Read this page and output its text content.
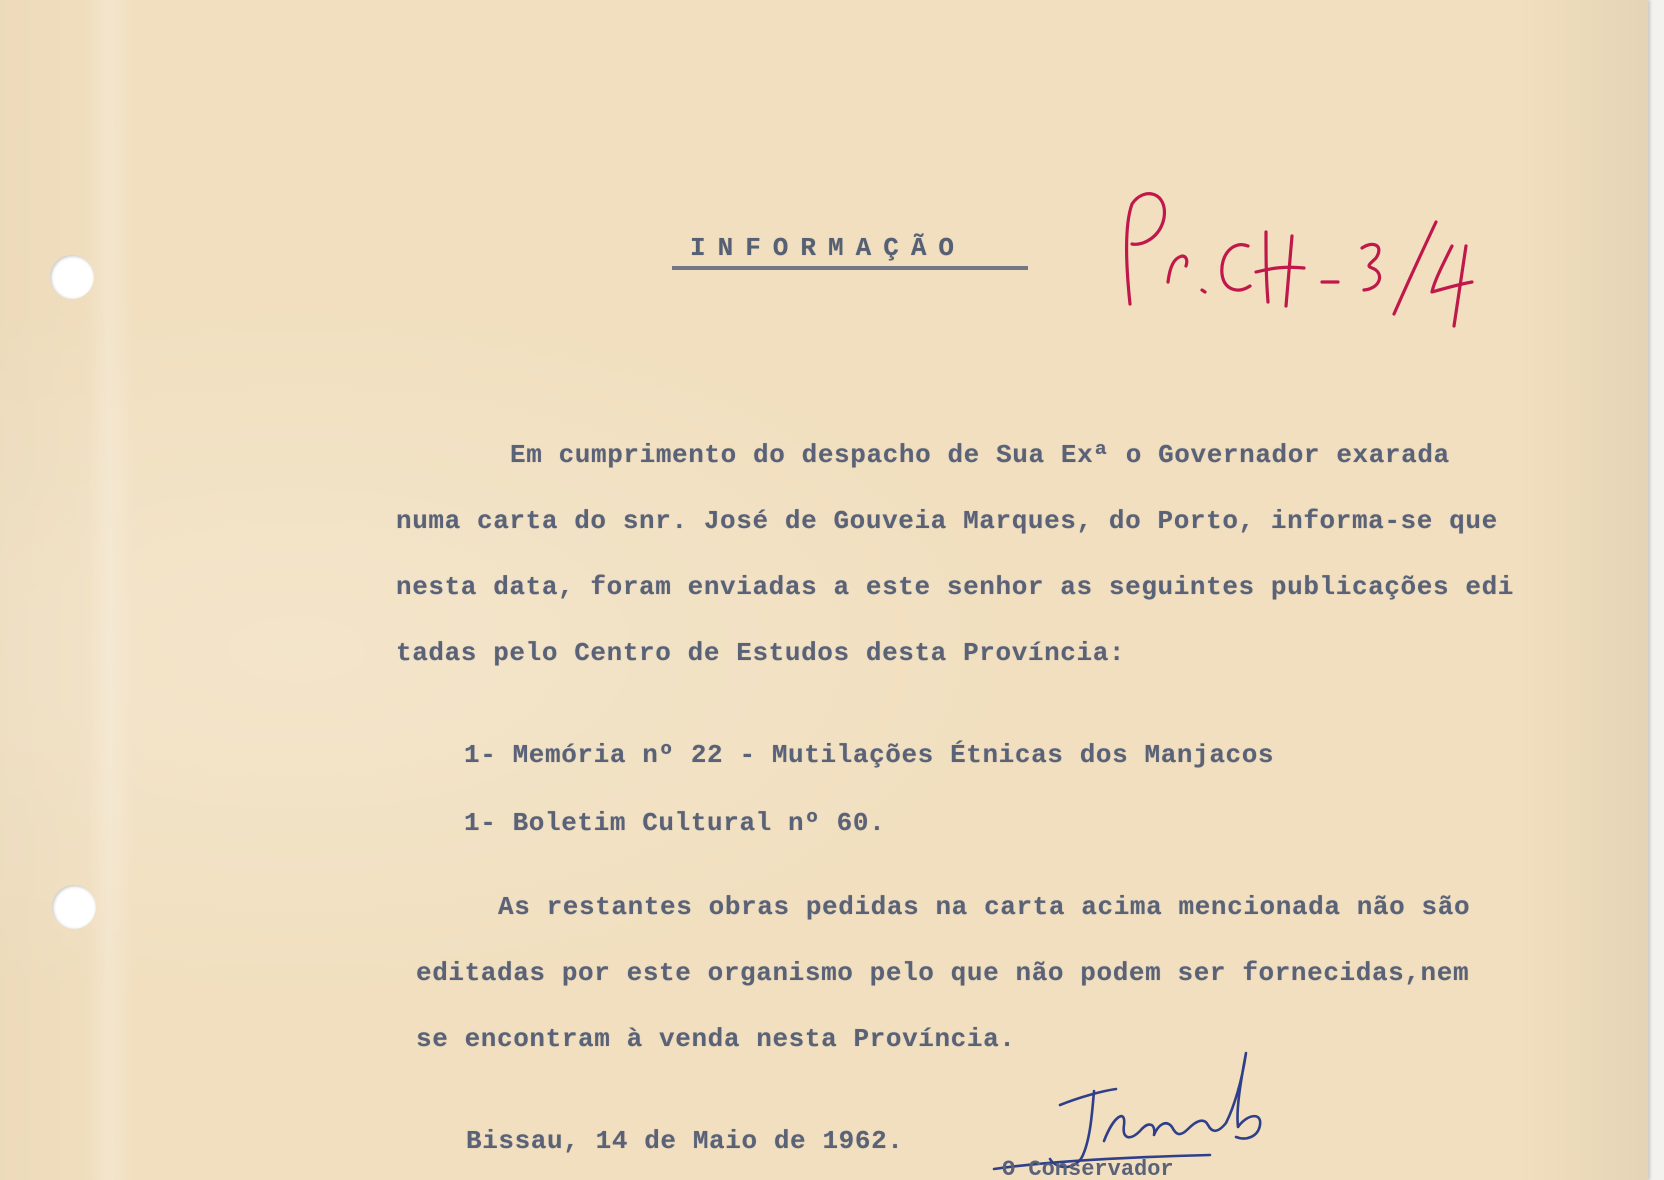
INFORMAÇÃO
Em cumprimento do despacho de Sua Exª o Governador exarada
numa carta do snr. José de Gouveia Marques, do Porto, informa-se que
nesta data, foram enviadas a este senhor as seguintes publicações edi
tadas pelo Centro de Estudos desta Província:
1- Memória nº 22 - Mutilações Étnicas dos Manjacos
1- Boletim Cultural nº 60.
As restantes obras pedidas na carta acima mencionada não são
editadas por este organismo pelo que não podem ser fornecidas,nem
se encontram à venda nesta Província.
Bissau, 14 de Maio de 1962.
O Conservador
